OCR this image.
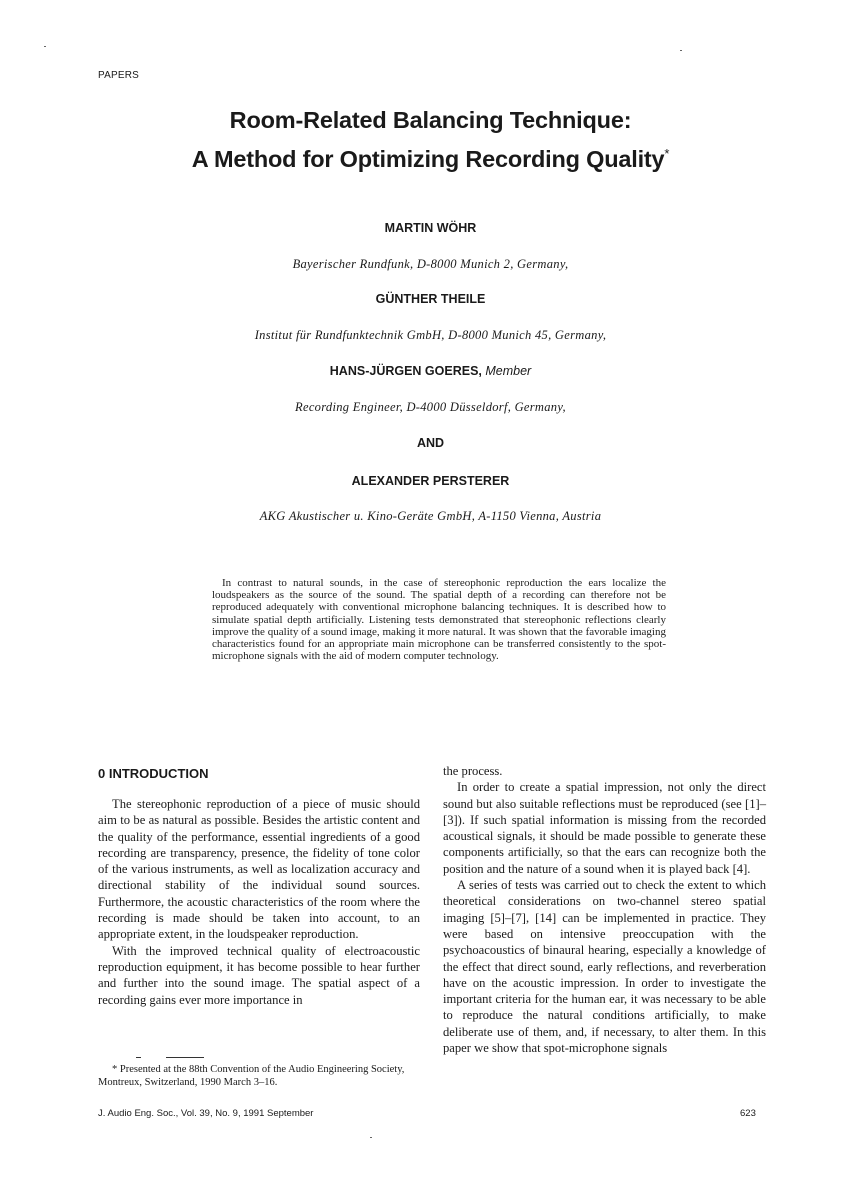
PAPERS
Room-Related Balancing Technique:
A Method for Optimizing Recording Quality*
MARTIN WÖHR
Bayerischer Rundfunk, D-8000 Munich 2, Germany,
GÜNTHER THEILE
Institut für Rundfunktechnik GmbH, D-8000 Munich 45, Germany,
HANS-JÜRGEN GOERES, Member
Recording Engineer, D-4000 Düsseldorf, Germany,
AND
ALEXANDER PERSTERER
AKG Akustischer u. Kino-Geräte GmbH, A-1150 Vienna, Austria
In contrast to natural sounds, in the case of stereophonic reproduction the ears localize the loudspeakers as the source of the sound. The spatial depth of a recording can therefore not be reproduced adequately with conventional microphone balancing techniques. It is described how to simulate spatial depth artificially. Listening tests demonstrated that stereophonic reflections clearly improve the quality of a sound image, making it more natural. It was shown that the favorable imaging characteristics found for an appropriate main microphone can be transferred consistently to the spot-microphone signals with the aid of modern computer technology.
0 INTRODUCTION

The stereophonic reproduction of a piece of music should aim to be as natural as possible. Besides the artistic content and the quality of the performance, essential ingredients of a good recording are transparency, presence, the fidelity of tone color of the various instruments, as well as localization accuracy and directional stability of the individual sound sources. Furthermore, the acoustic characteristics of the room where the recording is made should be taken into account, to an appropriate extent, in the loudspeaker reproduction.

With the improved technical quality of electroacoustic reproduction equipment, it has become possible to hear further and further into the sound image. The spatial aspect of a recording gains ever more importance in

* Presented at the 88th Convention of the Audio Engineering Society, Montreux, Switzerland, 1990 March 3–16.

the process.

In order to create a spatial impression, not only the direct sound but also suitable reflections must be reproduced (see [1]–[3]). If such spatial information is missing from the recorded acoustical signals, it should be made possible to generate these components artificially, so that the ears can recognize both the position and the nature of a sound when it is played back [4].

A series of tests was carried out to check the extent to which theoretical considerations on two-channel stereo spatial imaging [5]–[7], [14] can be implemented in practice. They were based on intensive preoccupation with the psychoacoustics of binaural hearing, especially a knowledge of the effect that direct sound, early reflections, and reverberation have on the acoustic impression. In order to investigate the important criteria for the human ear, it was necessary to be able to reproduce the natural conditions artificially, to make deliberate use of them, and, if necessary, to alter them. In this paper we show that spot-microphone signals

J. Audio Eng. Soc., Vol. 39, No. 9, 1991 September	623
